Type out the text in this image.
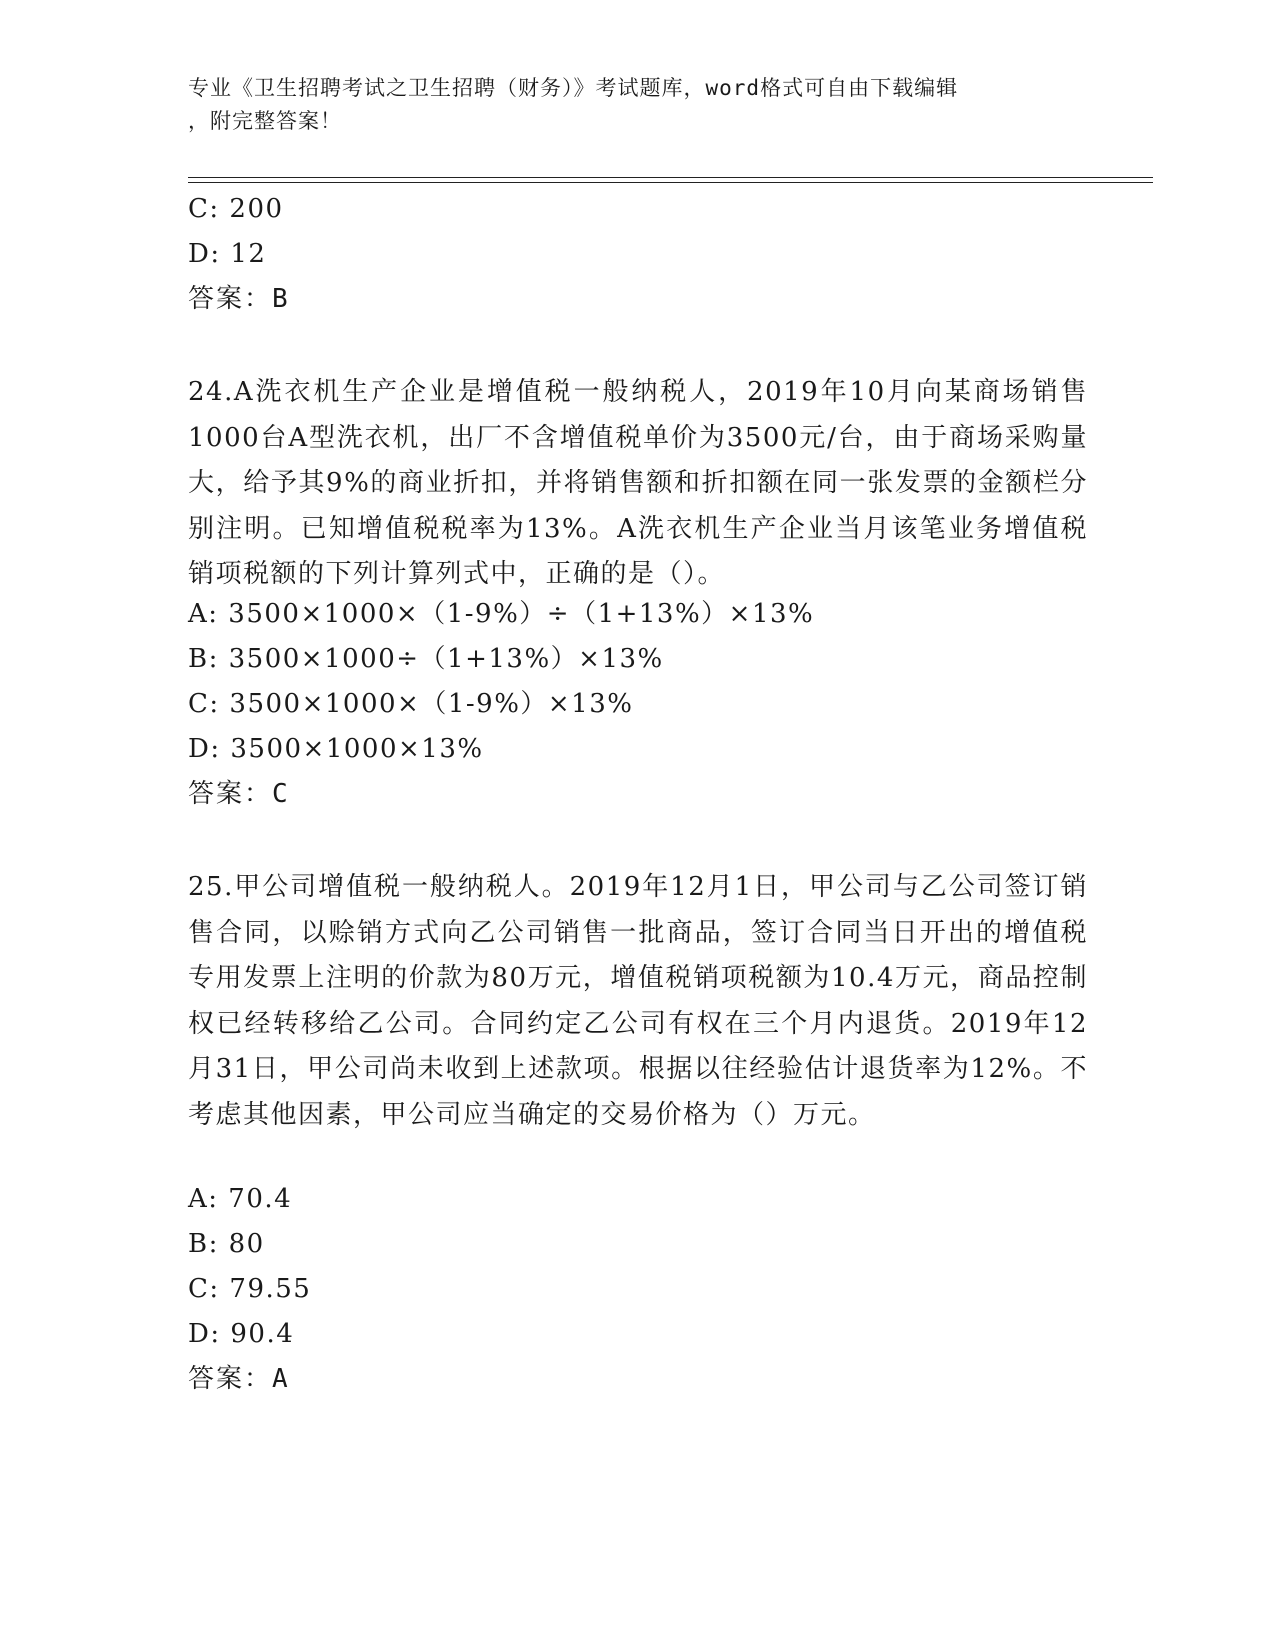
专业《卫生招聘考试之卫生招聘（财务）》考试题库，word格式可自由下载编辑
，附完整答案！
C: 200
D: 12
答案：B
24.A洗衣机生产企业是增值税一般纳税人，2019年10月向某商场销售1000台A型洗衣机，出厂不含增值税单价为3500元/台，由于商场采购量大，给予其9%的商业折扣，并将销售额和折扣额在同一张发票的金额栏分别注明。已知增值税税率为13%。A洗衣机生产企业当月该笔业务增值税销项税额的下列计算列式中，正确的是（）。
A: 3500×1000×（1-9%）÷（1+13%）×13%
B: 3500×1000÷（1+13%）×13%
C: 3500×1000×（1-9%）×13%
D: 3500×1000×13%
答案：C
25.甲公司增值税一般纳税人。2019年12月1日，甲公司与乙公司签订销售合同，以赊销方式向乙公司销售一批商品，签订合同当日开出的增值税专用发票上注明的价款为80万元，增值税销项税额为10.4万元，商品控制权已经转移给乙公司。合同约定乙公司有权在三个月内退货。2019年12月31日，甲公司尚未收到上述款项。根据以往经验估计退货率为12%。不考虑其他因素，甲公司应当确定的交易价格为（）万元。
A: 70.4
B: 80
C: 79.55
D: 90.4
答案：A
